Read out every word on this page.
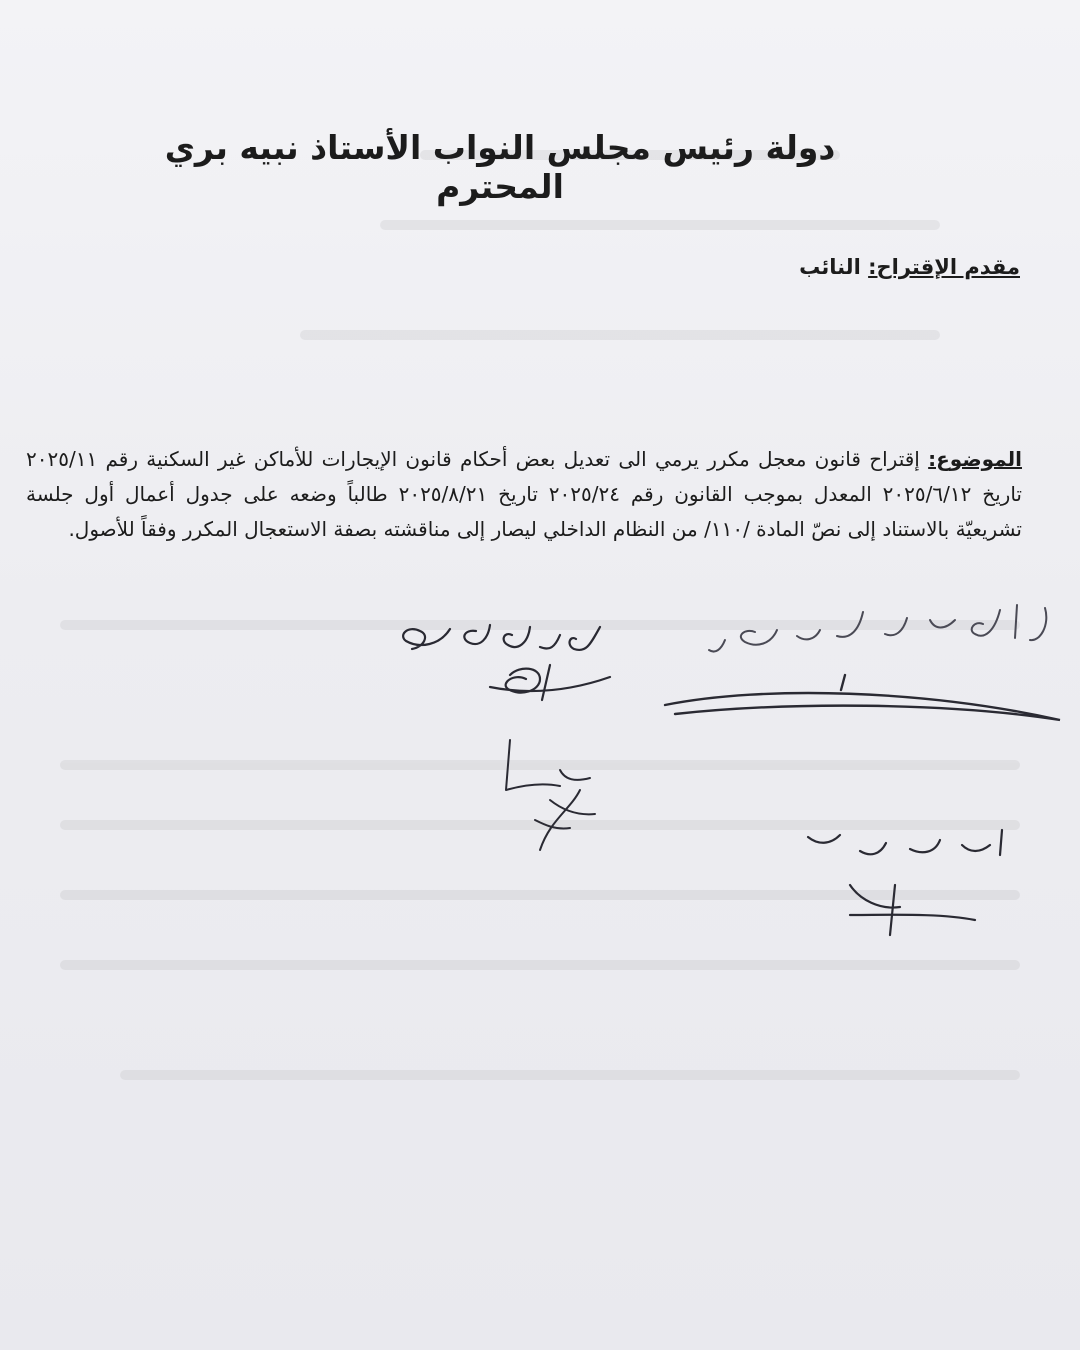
دولة رئيس مجلس النواب الأستاذ نبيه بري المحترم
مقدم الإقتراح: النائب
الموضوع: إقتراح قانون معجل مكرر يرمي الى تعديل بعض أحكام قانون الإيجارات للأماكن غير السكنية رقم ٢٠٢٥/١١ تاريخ ٢٠٢٥/٦/١٢ المعدل بموجب القانون رقم ٢٠٢٥/٢٤ تاريخ ٢٠٢٥/٨/٢١ طالباً وضعه على جدول أعمال أول جلسة تشريعيّة بالاستناد إلى نصّ المادة /١١٠/ من النظام الداخلي ليصار إلى مناقشته بصفة الاستعجال المكرر وفقاً للأصول.
